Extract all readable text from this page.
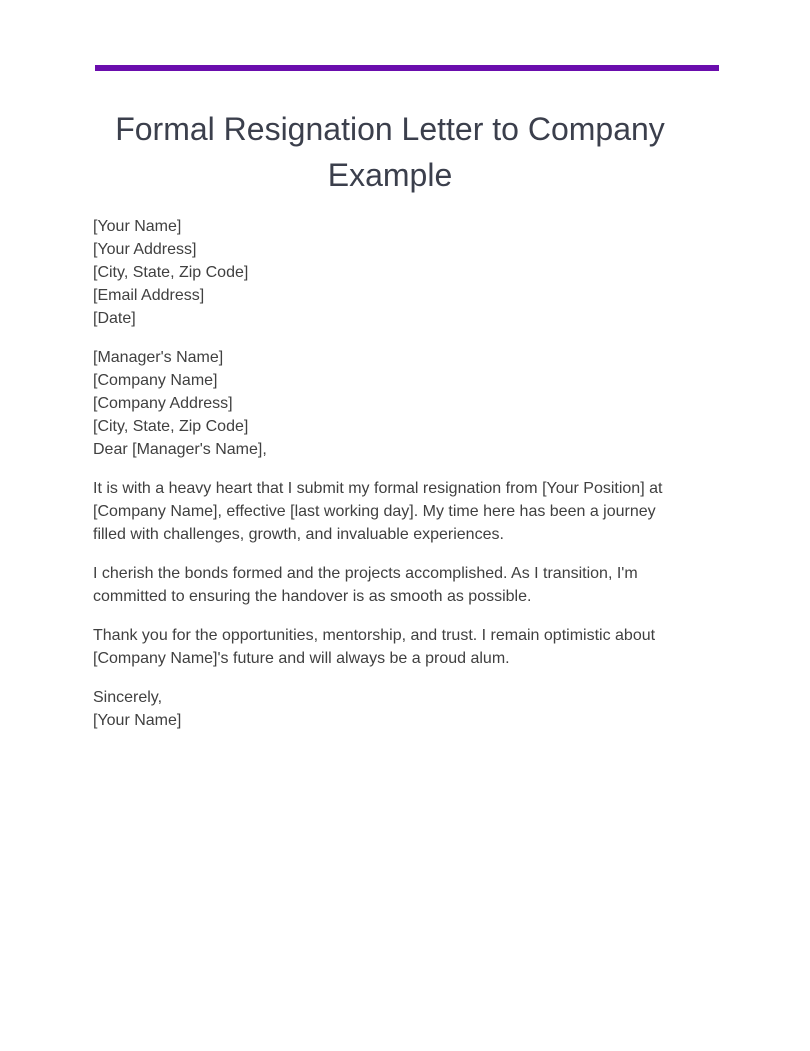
Formal Resignation Letter to Company Example
[Your Name]
[Your Address]
[City, State, Zip Code]
[Email Address]
[Date]
[Manager's Name]
[Company Name]
[Company Address]
[City, State, Zip Code]
Dear [Manager's Name],

It is with a heavy heart that I submit my formal resignation from [Your Position] at [Company Name], effective [last working day]. My time here has been a journey filled with challenges, growth, and invaluable experiences.

I cherish the bonds formed and the projects accomplished. As I transition, I'm committed to ensuring the handover is as smooth as possible.

Thank you for the opportunities, mentorship, and trust. I remain optimistic about [Company Name]'s future and will always be a proud alum.

Sincerely,
[Your Name]
